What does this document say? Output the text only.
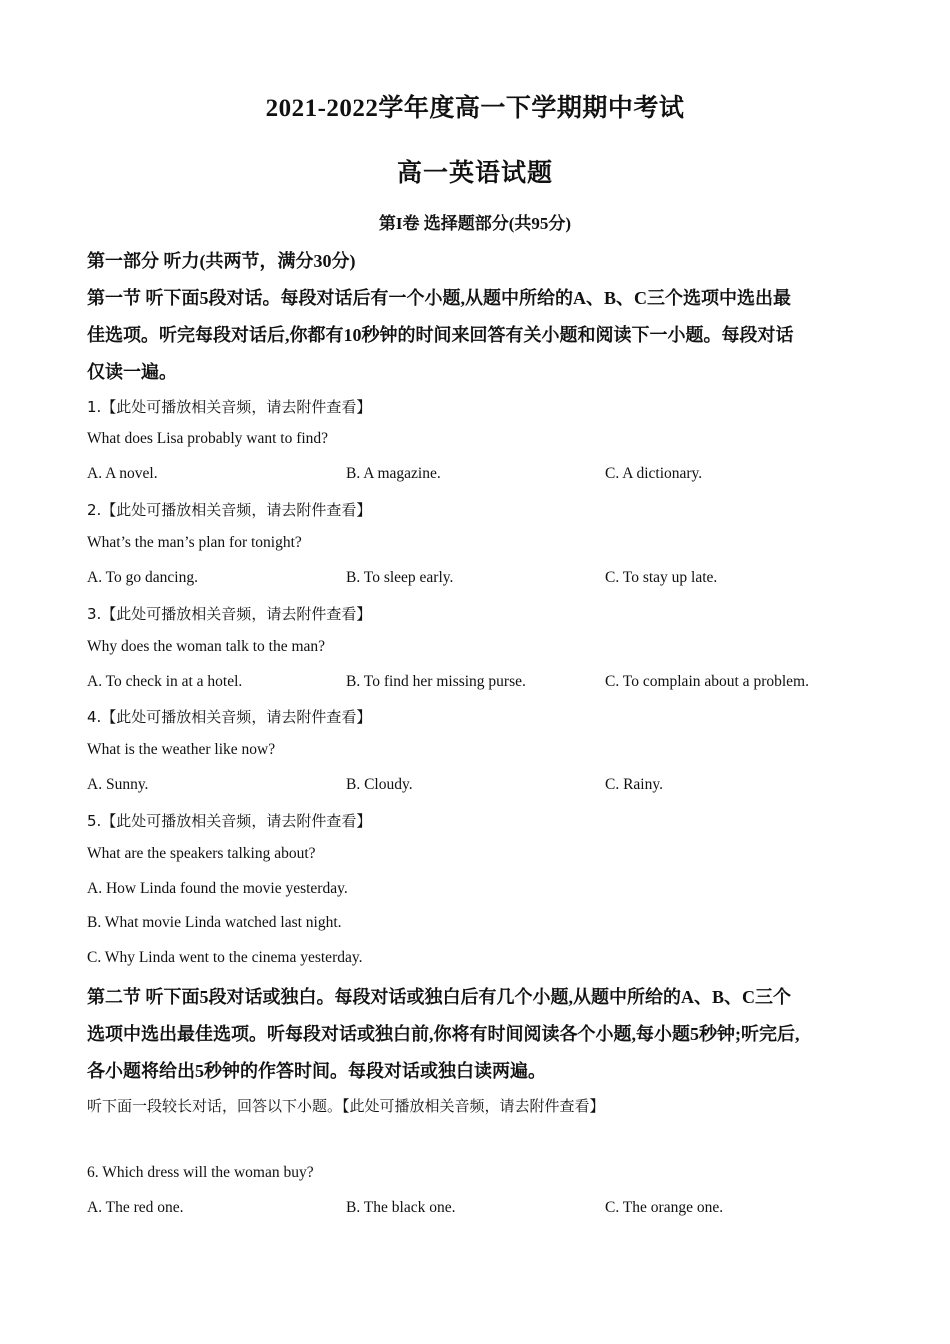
2021-2022学年度高一下学期期中考试
高一英语试题
第I卷 选择题部分(共95分)
第一部分 听力(共两节，满分30分)
第一节 听下面5段对话。每段对话后有一个小题,从题中所给的A、B、C三个选项中选出最
佳选项。听完每段对话后,你都有10秒钟的时间来回答有关小题和阅读下一小题。每段对话
仅读一遍。
1.【此处可播放相关音频，请去附件查看】
What does Lisa probably want to find?
A. A novel.	B. A magazine.	C. A dictionary.
2.【此处可播放相关音频，请去附件查看】
What’s the man’s plan for tonight?
A. To go dancing.	B. To sleep early.	C. To stay up late.
3.【此处可播放相关音频，请去附件查看】
Why does the woman talk to the man?
A. To check in at a hotel.	B. To find her missing purse.	C. To complain about a problem.
4.【此处可播放相关音频，请去附件查看】
What is the weather like now?
A. Sunny.	B. Cloudy.	C. Rainy.
5.【此处可播放相关音频，请去附件查看】
What are the speakers talking about?
A. How Linda found the movie yesterday.
B. What movie Linda watched last night.
C. Why Linda went to the cinema yesterday.
第二节 听下面5段对话或独白。每段对话或独白后有几个小题,从题中所给的A、B、C三个
选项中选出最佳选项。听每段对话或独白前,你将有时间阅读各个小题,每小题5秒钟;听完后,
各小题将给出5秒钟的作答时间。每段对话或独白读两遍。
听下面一段较长对话，回答以下小题。【此处可播放相关音频，请去附件查看】
6. Which dress will the woman buy?
A. The red one.	B. The black one.	C. The orange one.
